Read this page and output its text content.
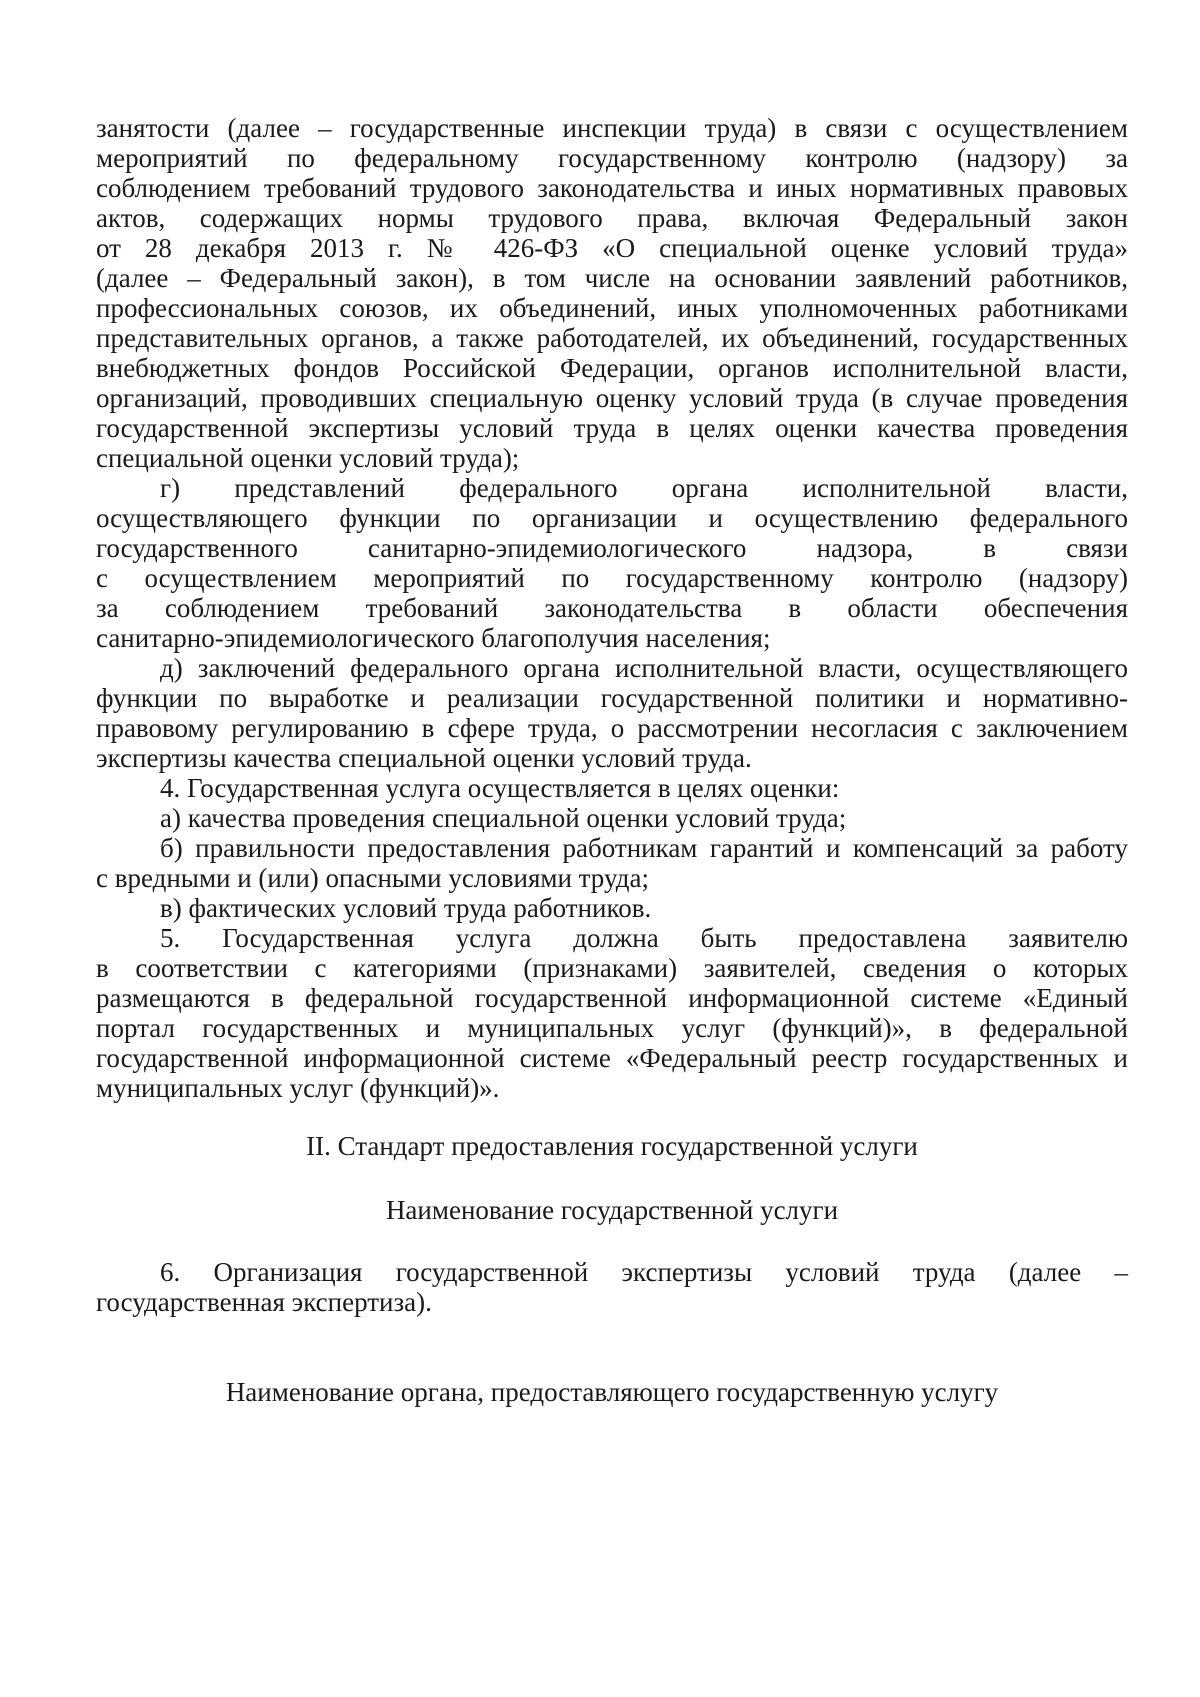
занятости (далее – государственные инспекции труда) в связи с осуществлением
мероприятий по федеральному государственному контролю (надзору) за
соблюдением требований трудового законодательства и иных нормативных правовых
актов, содержащих нормы трудового права, включая Федеральный закон
от 28 декабря 2013 г. № 426-ФЗ «О специальной оценке условий труда»
(далее – Федеральный закон), в том числе на основании заявлений работников,
профессиональных союзов, их объединений, иных уполномоченных работниками
представительных органов, а также работодателей, их объединений, государственных
внебюджетных фондов Российской Федерации, органов исполнительной власти,
организаций, проводивших специальную оценку условий труда (в случае проведения
государственной экспертизы условий труда в целях оценки качества проведения
специальной оценки условий труда);
г) представлений федерального органа исполнительной власти,
осуществляющего функции по организации и осуществлению федерального
государственного санитарно-эпидемиологического надзора, в связи
с осуществлением мероприятий по государственному контролю (надзору)
за соблюдением требований законодательства в области обеспечения
санитарно-эпидемиологического благополучия населения;
д) заключений федерального органа исполнительной власти, осуществляющего
функции по выработке и реализации государственной политики и нормативно-
правовому регулированию в сфере труда, о рассмотрении несогласия с заключением
экспертизы качества специальной оценки условий труда.
4. Государственная услуга осуществляется в целях оценки:
а) качества проведения специальной оценки условий труда;
б) правильности предоставления работникам гарантий и компенсаций за работу
с вредными и (или) опасными условиями труда;
в) фактических условий труда работников.
5. Государственная услуга должна быть предоставлена заявителю
в соответствии с категориями (признаками) заявителей, сведения о которых
размещаются в федеральной государственной информационной системе «Единый
портал государственных и муниципальных услуг (функций)», в федеральной
государственной информационной системе «Федеральный реестр государственных и
муниципальных услуг (функций)».
II. Стандарт предоставления государственной услуги
Наименование государственной услуги
6. Организация государственной экспертизы условий труда (далее –
государственная экспертиза).
Наименование органа, предоставляющего государственную услугу
